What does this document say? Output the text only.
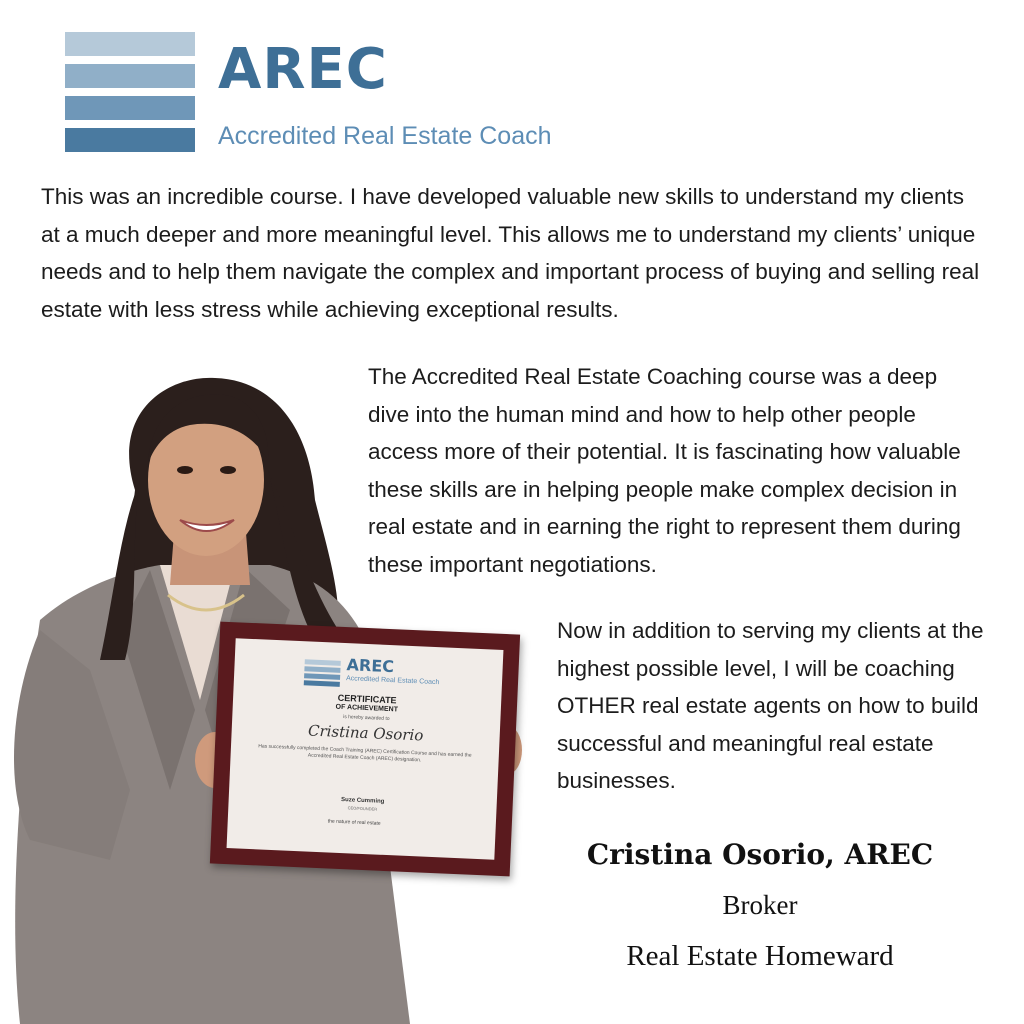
AREC
Accredited Real Estate Coach
AREC
Accredited Real Estate Coach
CERTIFICATE
OF ACHIEVEMENT
is hereby awarded to
Cristina Osorio
Has successfully completed the Coach Training (AREC) Certification Course and has earned the Accredited Real Estate Coach (AREC) designation.
Suze Cumming
CEO/FOUNDER
the nature of real estate
This was an incredible course. I have developed valuable new skills to understand my clients at a much deeper and more meaningful level. This allows me to understand my clients’ unique needs and to help them navigate the complex and important process of buying and selling real estate with less stress while achieving exceptional results.
The Accredited Real Estate Coaching course was a deep dive into the human mind and how to help other people access more of their potential. It is fascinating how valuable these skills are in helping people make complex decision in real estate and in earning the right to represent them during these important negotiations.
Now in addition to serving my clients at the highest possible level, I will be coaching OTHER real estate agents on how to build successful and meaningful real estate businesses.
Cristina Osorio, AREC
Broker
Real Estate Homeward
